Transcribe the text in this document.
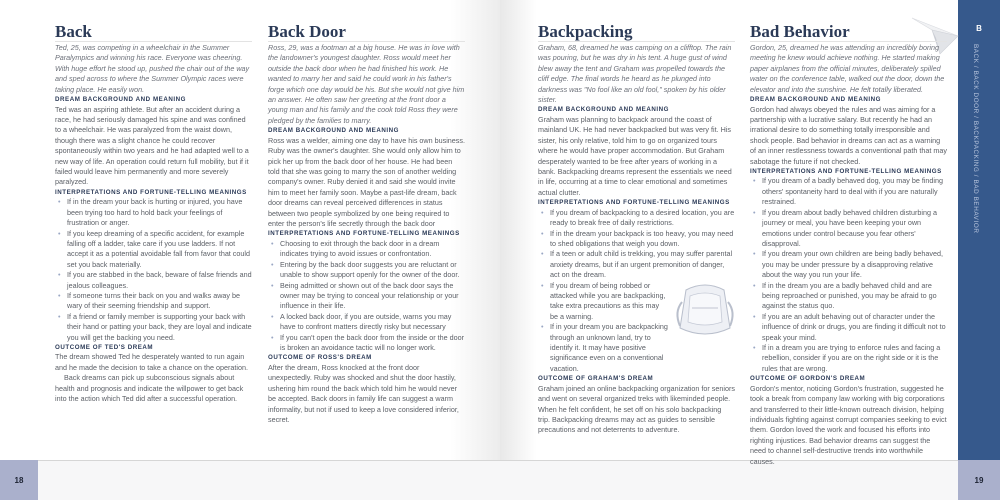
18	19
B
BACK / BACK DOOR / BACKPACKING / BAD BEHAVIOR
Back

Ted, 25, was competing in a wheelchair in the Summer Paralympics and winning his race. Everyone was cheering. With huge effort he stood up, pushed the chair out of the way and sped across to where the Summer Olympic races were taking place. He easily won.

DREAM BACKGROUND AND MEANING

Ted was an aspiring athlete. But after an accident during a race, he had seriously damaged his spine and was confined to a wheelchair. He was paralyzed from the waist down, though there was a slight chance he could recover spontaneously within two years and he had adapted well to a new way of life. An operation could return full mobility, but if it failed would leave him permanently and more severely paralyzed.

INTERPRETATIONS AND FORTUNE-TELLING MEANINGS
• If in the dream your back is hurting or injured, you have been trying too hard to hold back your feelings of frustration or anger.
• If you keep dreaming of a specific accident, for example falling off a ladder, take care if you use ladders. If not accept it as a potential avoidable fall from favor that could set you back materially.
• If you are stabbed in the back, beware of false friends and jealous colleagues.
• If someone turns their back on you and walks away be wary of their seeming friendship and support.
• If a friend or family member is supporting your back with their hand or patting your back, they are loyal and indicate you will get the backing you need.
OUTCOME OF TED'S DREAM

The dream showed Ted he desperately wanted to run again and he made the decision to take a chance on the operation.

Back dreams can pick up subconscious signals about health and prognosis and indicate the willpower to get back into the action which Ted did after a successful operation.

Back Door

Ross, 29, was a footman at a big house. He was in love with the landowner's youngest daughter. Ross would meet her outside the back door when he had finished his work. He wanted to marry her and said he could work in his father's forge which one day would be his. But she would not give him an answer. He often saw her greeting at the front door a young man and his family and the cook told Ross they were pledged by the families to marry.

DREAM BACKGROUND AND MEANING

Ross was a welder, aiming one day to have his own business. Ruby was the owner's daughter. She would only allow him to pick her up from the back door of her house. He had been told that she was going to marry the son of another welding company's owner. Ruby denied it and said she would invite him to meet her family soon. Maybe a past-life dream, back door dreams can reveal perceived differences in status between two people symbolized by one being required to enter the person's life secretly through the back door

INTERPRETATIONS AND FORTUNE-TELLING MEANINGS
• Choosing to exit through the back door in a dream indicates trying to avoid issues or confrontation.
• Entering by the back door suggests you are reluctant or unable to show support openly for the owner of the door.
• Being admitted or shown out of the back door says the owner may be trying to conceal your relationship or your influence in their life.
• A locked back door, if you are outside, warns you may have to confront matters directly risky but necessary
• If you can't open the back door from the inside or the door is broken an avoidance tactic will no longer work.
OUTCOME OF ROSS'S DREAM

After the dream, Ross knocked at the front door unexpectedly. Ruby was shocked and shut the door hastily, ushering him round the back which told him he would never be accepted. Back doors in family life can suggest a warm informality, but not if used to keep a love considered inferior, secret.

Backpacking

Graham, 68, dreamed he was camping on a clifftop. The rain was pouring, but he was dry in his tent. A huge gust of wind blew away the tent and Graham was propelled towards the cliff edge. The final words he heard as he plunged into darkness was "No fool like an old fool," spoken by his older sister.

DREAM BACKGROUND AND MEANING

Graham was planning to backpack around the coast of mainland UK. He had never backpacked but was very fit. His sister, his only relative, told him to go on organized tours where he would have proper accommodation. But Graham desperately wanted to be free after years of working in a bank. Backpacking dreams represent the essentials we need in life, occurring at a time to clear emotional and sometimes actual clutter.

INTERPRETATIONS AND FORTUNE-TELLING MEANINGS
• If you dream of backpacking to a desired location, you are ready to break free of daily restrictions.
• If in the dream your backpack is too heavy, you may need to shed obligations that weigh you down.
• If a teen or adult child is trekking, you may suffer parental anxiety dreams, but if an urgent premonition of danger, act on the dream.
• If you dream of being robbed or attacked while you are backpacking, take extra precautions as this may be a warning.
• If in your dream you are backpacking through an unknown land, try to identify it. It may have positive significance even on a conventional vacation.
OUTCOME OF GRAHAM'S DREAM

Graham joined an online backpacking organization for seniors and went on several organized treks with likeminded people. When he felt confident, he set off on his solo backpacking trip. Backpacking dreams may act as guides to sensible precautions and not deterrents to adventure.

Bad Behavior

Gordon, 25, dreamed he was attending an incredibly boring meeting he knew would achieve nothing. He started making paper airplanes from the official minutes, deliberately spilled water on the conference table, walked out the door, down the elevator and into the sunshine. He felt totally liberated.

DREAM BACKGROUND AND MEANING

Gordon had always obeyed the rules and was aiming for a partnership with a lucrative salary. But recently he had an irrational desire to do something totally irresponsible and shock people. Bad behavior in dreams can act as a warning of an inner restlessness towards a conventional path that may sabotage the future if not checked.

INTERPRETATIONS AND FORTUNE-TELLING MEANINGS
• If you dream of a badly behaved dog, you may be finding others' spontaneity hard to deal with if you are naturally restrained.
• If you dream about badly behaved children disturbing a journey or meal, you have been keeping your own emotions under control because you fear others' disapproval.
• If you dream your own children are being badly behaved, you may be under pressure by a disapproving relative about the way you run your life.
• If in the dream you are a badly behaved child and are being reproached or punished, you may be afraid to go against the status quo.
• If you are an adult behaving out of character under the influence of drink or drugs, you are finding it difficult not to speak your mind.
• If in a dream you are trying to enforce rules and facing a rebellion, consider if you are on the right side or it is the rules that are wrong.
OUTCOME OF GORDON'S DREAM

Gordon's mentor, noticing Gordon's frustration, suggested he took a break from company law working with big corporations and transferred to their little-known outreach division, helping individuals fighting against corrupt companies seeking to evict them. Gordon loved the work and focused his efforts into righting injustices. Bad behavior dreams can suggest the need to channel self-destructive trends into worthwhile causes.
